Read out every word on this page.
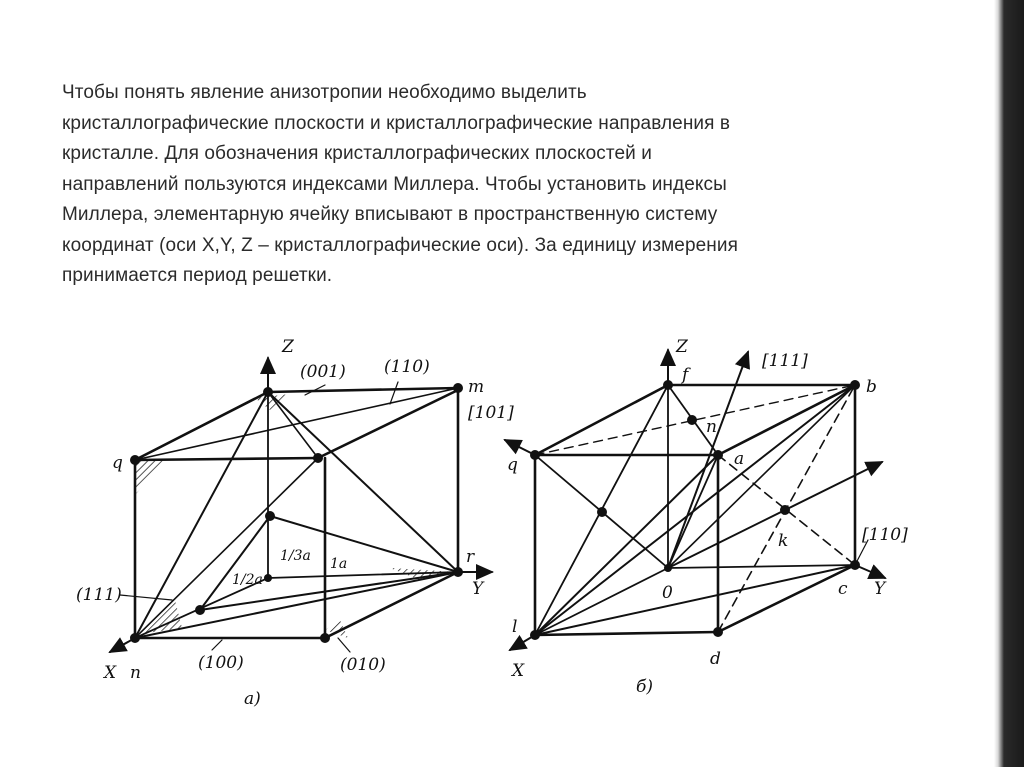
Чтобы понять явление анизотропии необходимо выделить
кристаллографические плоскости и кристаллографические направления в
кристалле. Для обозначения кристаллографических плоскостей и
направлений пользуются индексами Миллера. Чтобы установить индексы
Миллера, элементарную ячейку вписывают в пространственную систему
координат (оси X,Y, Z – кристаллографические оси). За единицу измерения
принимается период решетки.
Z
(001) (110)
m
[101]
q
1/3a
1/2a
1a	r
Y
(111)
X n	(100)	(010)
а)
Z
f
[111]
b
q
n
a
k	[110]
0	c Y
l
X
d
б)
